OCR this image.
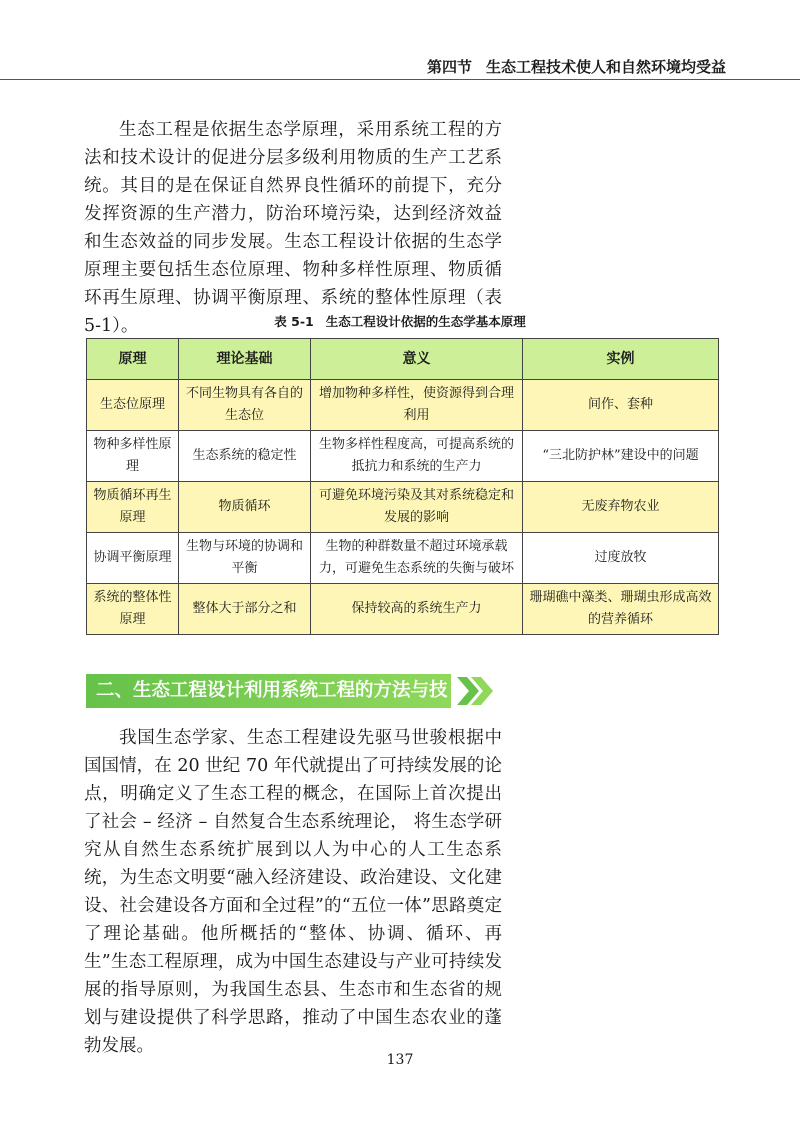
第四节 生态工程技术使人和自然环境均受益

生态工程是依据生态学原理，采用系统工程的方法和技术设计的促进分层多级利用物质的生产工艺系统。其目的是在保证自然界良性循环的前提下，充分发挥资源的生产潜力，防治环境污染，达到经济效益和生态效益的同步发展。生态工程设计依据的生态学原理主要包括生态位原理、物种多样性原理、物质循环再生原理、协调平衡原理、系统的整体性原理（表 5-1）。	表 5-1 生态工程设计依据的生态学基本原理
原理	理论基础	意义	实例
生态位原理	不同生物具有各自的生态位	增加物种多样性，使资源得到合理利用	间作、套种
物种多样性原理	生态系统的稳定性	生物多样性程度高，可提高系统的抵抗力和系统的生产力	“三北防护林”建设中的问题
物质循环再生原理	物质循环	可避免环境污染及其对系统稳定和发展的影响	无废弃物农业
协调平衡原理	生物与环境的协调和平衡	生物的种群数量不超过环境承载力，可避免生态系统的失衡与破坏	过度放牧
系统的整体性原理	整体大于部分之和	保持较高的系统生产力	珊瑚礁中藻类、珊瑚虫形成高效的营养循环
二、生态工程设计利用系统工程的方法与技术

我国生态学家、生态工程建设先驱马世骏根据中国国情，在 20 世纪 70 年代就提出了可持续发展的论点，明确定义了生态工程的概念，在国际上首次提出了社会 – 经济 – 自然复合生态系统理论， 将生态学研究从自然生态系统扩展到以人为中心的人工生态系统，为生态文明要“融入经济建设、政治建设、文化建设、社会建设各方面和全过程”的“五位一体”思路奠定了理论基础。他所概括的“整体、协调、循环、再生”生态工程原理，成为中国生态建设与产业可持续发展的指导原则，为我国生态县、生态市和生态省的规划与建设提供了科学思路，推动了中国生态农业的蓬勃发展。

137
